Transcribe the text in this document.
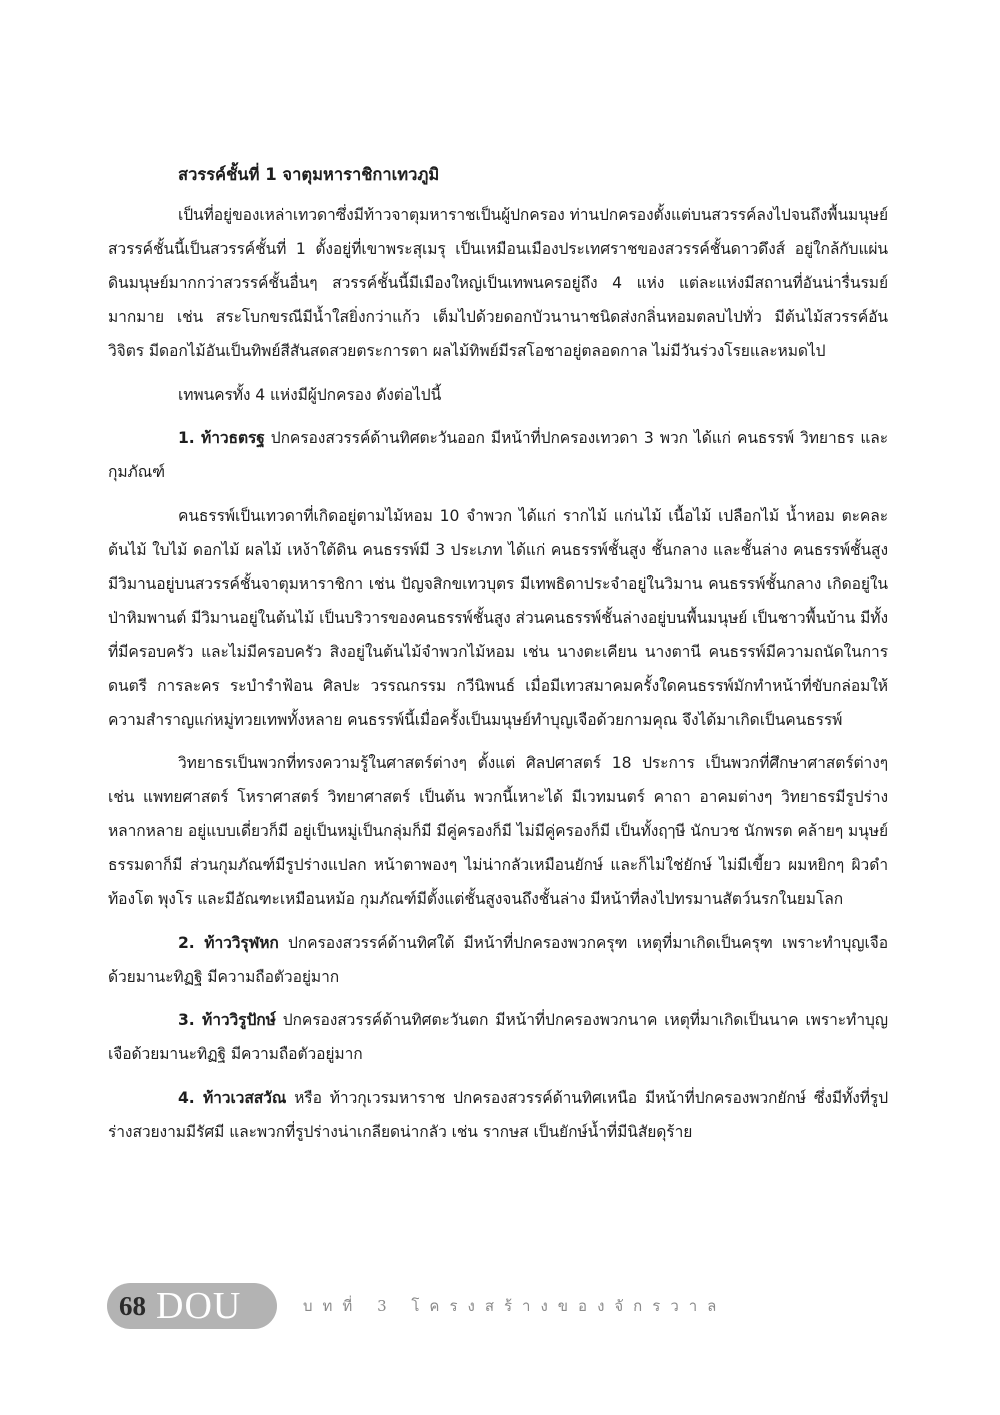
สวรรค์ชั้นที่ 1 จาตุมหาราชิกาเทวภูมิ

เป็นที่อยู่ของเหล่าเทวดาซึ่งมีท้าวจาตุมหาราชเป็นผู้ปกครอง ท่านปกครองตั้งแต่บนสวรรค์ลงไปจนถึงพื้นมนุษย์ สวรรค์ชั้นนี้เป็นสวรรค์ชั้นที่ 1 ตั้งอยู่ที่เขาพระสุเมรุ เป็นเหมือนเมืองประเทศราชของสวรรค์ชั้นดาวดึงส์ อยู่ใกล้กับแผ่นดินมนุษย์มากกว่าสวรรค์ชั้นอื่นๆ สวรรค์ชั้นนี้มีเมืองใหญ่เป็นเทพนครอยู่ถึง 4 แห่ง แต่ละแห่งมีสถานที่อันน่ารื่นรมย์มากมาย เช่น สระโบกขรณีมีน้ำใสยิ่งกว่าแก้ว เต็มไปด้วยดอกบัวนานาชนิดส่งกลิ่นหอมตลบไปทั่ว มีต้นไม้สวรรค์อันวิจิตร มีดอกไม้อันเป็นทิพย์สีสันสดสวยตระการตา ผลไม้ทิพย์มีรสโอชาอยู่ตลอดกาล ไม่มีวันร่วงโรยและหมดไป

เทพนครทั้ง 4 แห่งมีผู้ปกครอง ดังต่อไปนี้

1. ท้าวธตรฐ ปกครองสวรรค์ด้านทิศตะวันออก มีหน้าที่ปกครองเทวดา 3 พวก ได้แก่ คนธรรพ์ วิทยาธร และกุมภัณฑ์

คนธรรพ์เป็นเทวดาที่เกิดอยู่ตามไม้หอม 10 จำพวก ได้แก่ รากไม้ แก่นไม้ เนื้อไม้ เปลือกไม้ น้ำหอม ตะคละต้นไม้ ใบไม้ ดอกไม้ ผลไม้ เหง้าใต้ดิน คนธรรพ์มี 3 ประเภท ได้แก่ คนธรรพ์ชั้นสูง ชั้นกลาง และชั้นล่าง คนธรรพ์ชั้นสูงมีวิมานอยู่บนสวรรค์ชั้นจาตุมหาราชิกา เช่น ปัญจสิกขเทวบุตร มีเทพธิดาประจำอยู่ในวิมาน คนธรรพ์ชั้นกลาง เกิดอยู่ในป่าหิมพานต์ มีวิมานอยู่ในต้นไม้ เป็นบริวารของคนธรรพ์ชั้นสูง ส่วนคนธรรพ์ชั้นล่างอยู่บนพื้นมนุษย์ เป็นชาวพื้นบ้าน มีทั้งที่มีครอบครัว และไม่มีครอบครัว สิงอยู่ในต้นไม้จำพวกไม้หอม เช่น นางตะเคียน นางตานี คนธรรพ์มีความถนัดในการดนตรี การละคร ระบำรำฟ้อน ศิลปะ วรรณกรรม กวีนิพนธ์ เมื่อมีเทวสมาคมครั้งใดคนธรรพ์มักทำหน้าที่ขับกล่อมให้ความสำราญแก่หมู่ทวยเทพทั้งหลาย คนธรรพ์นี้เมื่อครั้งเป็นมนุษย์ทำบุญเจือด้วยกามคุณ จึงได้มาเกิดเป็นคนธรรพ์

วิทยาธรเป็นพวกที่ทรงความรู้ในศาสตร์ต่างๆ ตั้งแต่ ศิลปศาสตร์ 18 ประการ เป็นพวกที่ศึกษาศาสตร์ต่างๆ เช่น แพทยศาสตร์ โหราศาสตร์ วิทยาศาสตร์ เป็นต้น พวกนี้เหาะได้ มีเวทมนตร์ คาถา อาคมต่างๆ วิทยาธรมีรูปร่างหลากหลาย อยู่แบบเดี่ยวก็มี อยู่เป็นหมู่เป็นกลุ่มก็มี มีคู่ครองก็มี ไม่มีคู่ครองก็มี เป็นทั้งฤๅษี นักบวช นักพรต คล้ายๆ มนุษย์ธรรมดาก็มี ส่วนกุมภัณฑ์มีรูปร่างแปลก หน้าตาพองๆ ไม่น่ากลัวเหมือนยักษ์ และก็ไม่ใช่ยักษ์ ไม่มีเขี้ยว ผมหยิกๆ ผิวดำ ท้องโต พุงโร และมีอัณฑะเหมือนหม้อ กุมภัณฑ์มีตั้งแต่ชั้นสูงจนถึงชั้นล่าง มีหน้าที่ลงไปทรมานสัตว์นรกในยมโลก

2. ท้าววิรุฬหก ปกครองสวรรค์ด้านทิศใต้ มีหน้าที่ปกครองพวกครุฑ เหตุที่มาเกิดเป็นครุฑ เพราะทำบุญเจือด้วยมานะทิฏฐิ มีความถือตัวอยู่มาก

3. ท้าววิรูปักษ์ ปกครองสวรรค์ด้านทิศตะวันตก มีหน้าที่ปกครองพวกนาค เหตุที่มาเกิดเป็นนาค เพราะทำบุญเจือด้วยมานะทิฏฐิ มีความถือตัวอยู่มาก

4. ท้าวเวสสวัณ หรือ ท้าวกุเวรมหาราช ปกครองสวรรค์ด้านทิศเหนือ มีหน้าที่ปกครองพวกยักษ์ ซึ่งมีทั้งที่รูปร่างสวยงามมีรัศมี และพวกที่รูปร่างน่าเกลียดน่ากลัว เช่น รากษส เป็นยักษ์น้ำที่มีนิสัยดุร้าย

68 DOU	บทที่ 3 โครงสร้างของจักรวาล
